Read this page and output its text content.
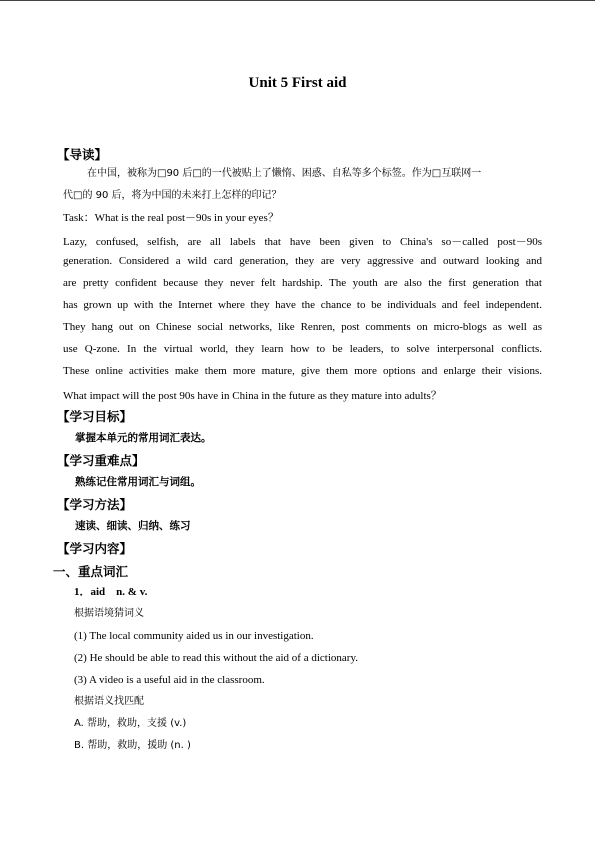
Unit 5 First aid
【导读】
在中国，被称为□90 后□的一代被贴上了懒惰、困惑、自私等多个标签。作为□互联网一
代□的 90 后，将为中国的未来打上怎样的印记？
Task：What is the real post－90s in your eyes？
Lazy, confused, selfish, are all labels that have been given to China's so－called post－90s
generation. Considered a wild card generation, they are very aggressive and outward looking and
are pretty confident because they never felt hardship. The youth are also the first generation that
has grown up with the Internet where they have the chance to be individuals and feel independent.
They hang out on Chinese social networks, like Renren, post comments on micro-blogs as well as
use Q-zone. In the virtual world, they learn how to be leaders, to solve interpersonal conflicts.
These online activities make them more mature, give them more options and enlarge their visions.
What impact will the post 90s have in China in the future as they mature into adults？
【学习目标】
掌握本单元的常用词汇表达。
【学习重难点】
熟练记住常用词汇与词组。
【学习方法】
速读、细读、归纳、练习
【学习内容】
一、重点词汇
1．aid　n. & v.
根据语境猜词义
(1) The local community aided us in our investigation.
(2) He should be able to read this without the aid of a dictionary.
(3) A video is a useful aid in the classroom.
根据语义找匹配
A. 帮助，救助，支援 (v.)
B. 帮助，救助，援助 (n. )
